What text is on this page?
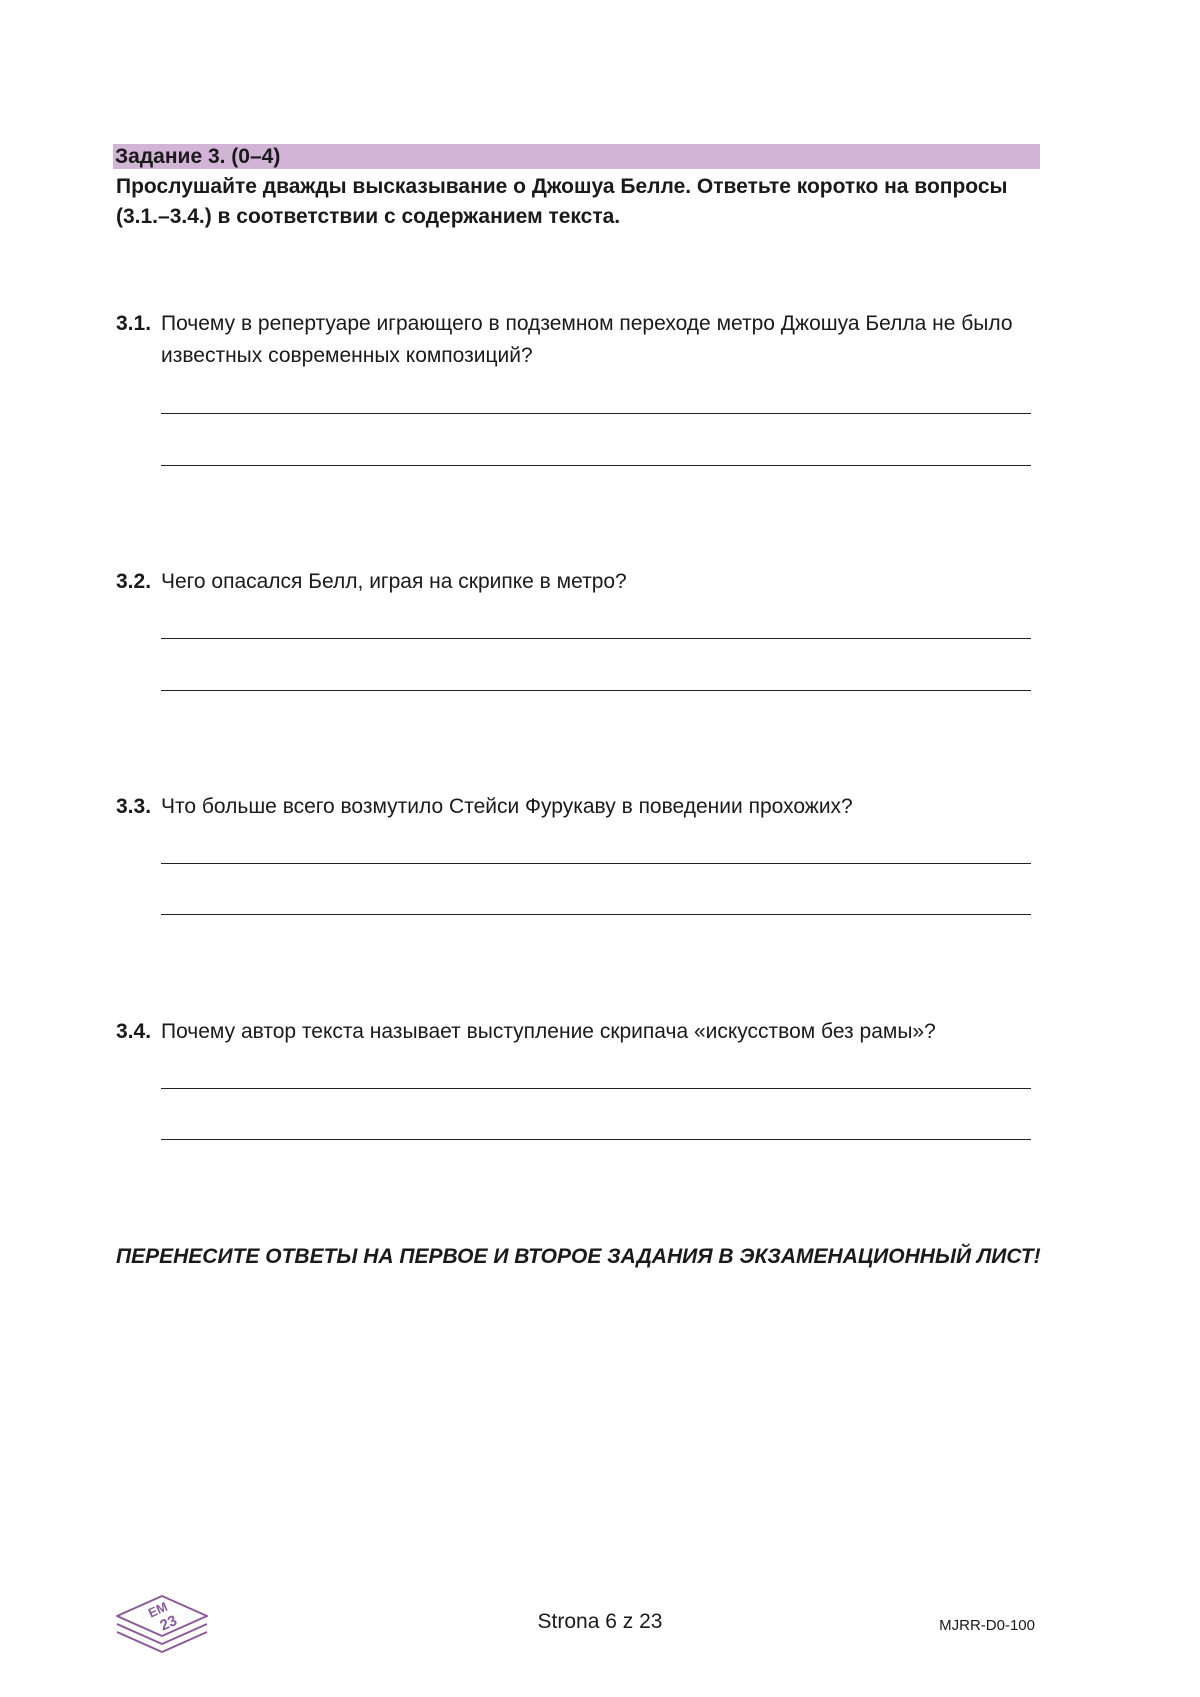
Задание 3. (0–4)
Прослушайте дважды высказывание о Джошуа Белле. Ответьте коротко на вопросы (3.1.–3.4.) в соответствии с содержанием текста.
3.1. Почему в репертуаре играющего в подземном переходе метро Джошуа Белла не было известных современных композиций?
3.2. Чего опасался Белл, играя на скрипке в метро?
3.3. Что больше всего возмутило Стейси Фурукаву в поведении прохожих?
3.4. Почему автор текста называет выступление скрипача «искусством без рамы»?
ПЕРЕНЕСИТЕ ОТВЕТЫ НА ПЕРВОЕ И ВТОРОЕ ЗАДАНИЯ В ЭКЗАМЕНАЦИОННЫЙ ЛИСТ!
EM
23	Strona 6 z 23	MJRR-D0-100
